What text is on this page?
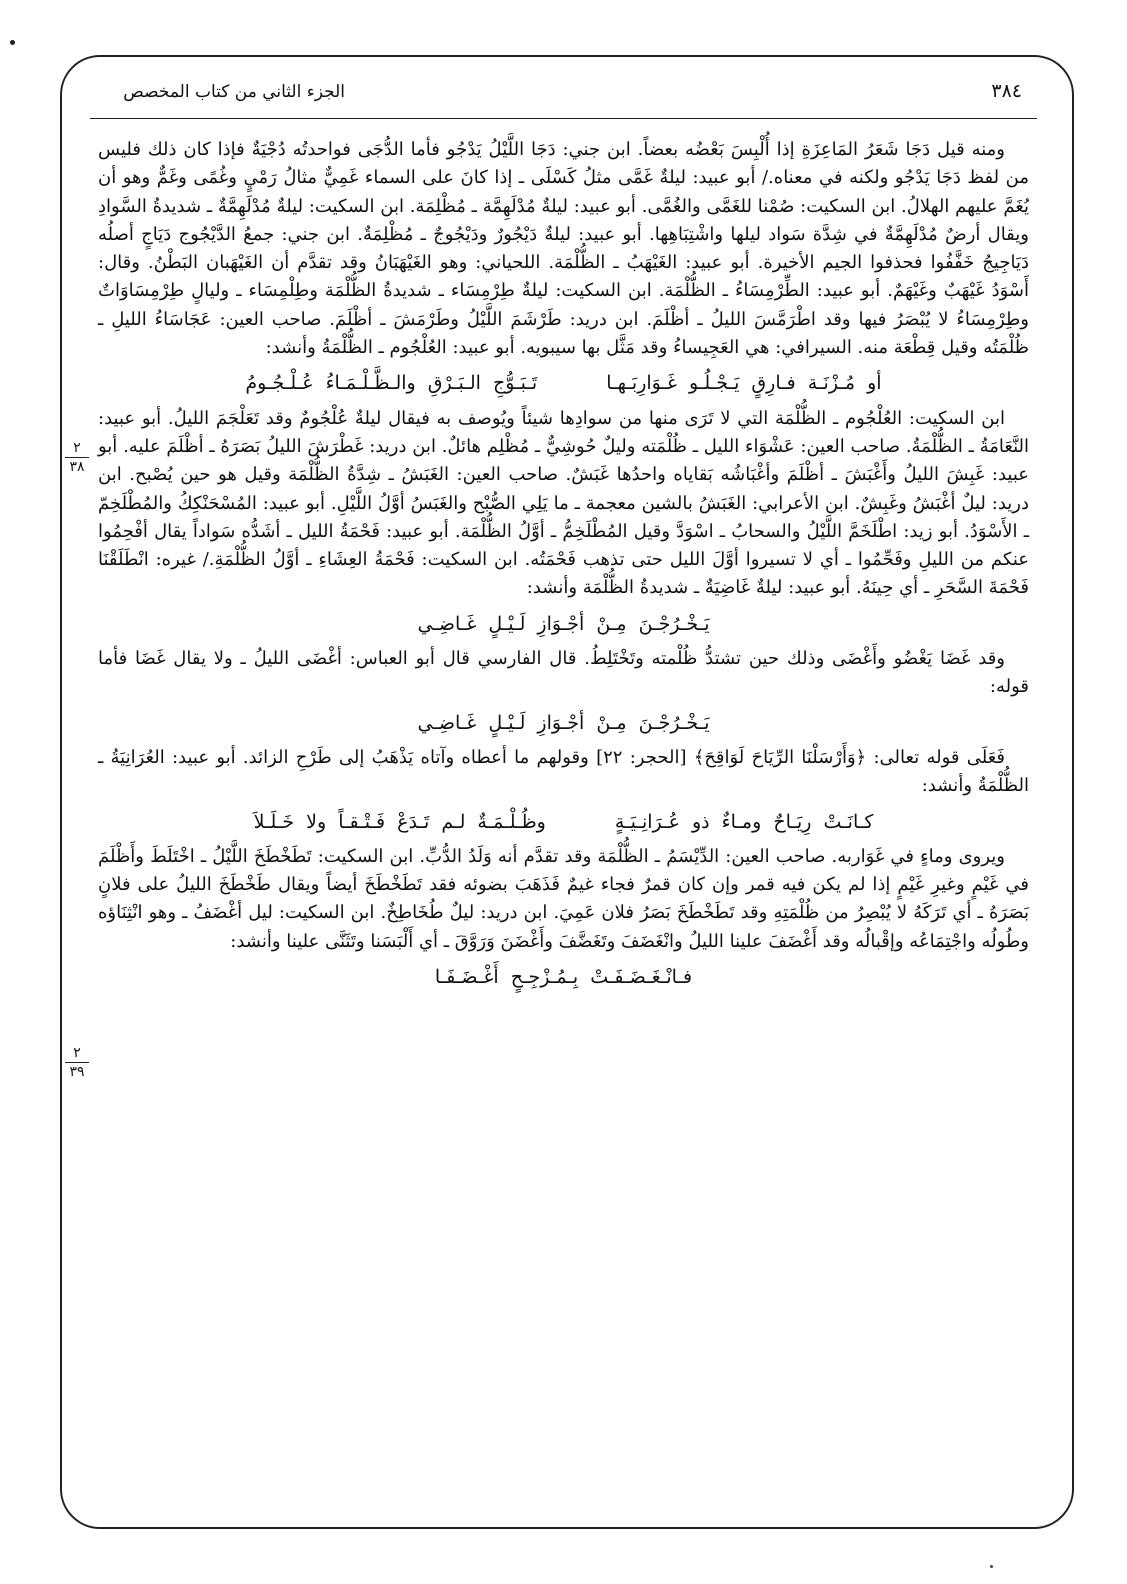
الجزء الثاني من كتاب المخصص	٣٨٤
٢
٣٨
٢
٣٩

ومنه قيل دَجَا شَعَرُ المَاعِزَةِ إذا أُلْبِسَ بَعْضُه بعضاً. ابن جني: دَجَا اللَّيْلُ يَدْجُو فأما الدُّجَى فواحدتُه دُجْيَةٌ فإذا كان ذلك فليس من لفظ دَجَا يَدْجُو ولكنه في معناه./ أبو عبيد: ليلةٌ غَمَّى مثلُ كَسْلَى ـ إذا كانَ على السماء غَمِيٌّ مثالُ رَمْيٍ وغُمًى وغَمٌّ وهو أن يُغَمَّ عليهم الهلالُ. ابن السكيت: صُمْنا للغَمَّى والغُمَّى. أبو عبيد: ليلةٌ مُدْلَهِمَّة ـ مُظْلِمَة. ابن السكيت: ليلةٌ مُدْلَهِمَّةٌ ـ شديدةُ السَّوادِ ويقال أرضٌ مُدْلَهِمَّةٌ في شِدَّة سَواد ليلها واشْتِبَاهِها. أبو عبيد: ليلةٌ دَيْجُورٌ ودَيْجُوجٌ ـ مُظْلِمَةٌ. ابن جني: جمعُ الدَّيْجُوج دَيَاجٍ أصلُه دَيَاجِيجُ خَفَّفُوا فحذفوا الجيم الأخيرة. أبو عبيد: الغَيْهَبُ ـ الظُّلْمَة. اللحياني: وهو الغَيْهَبَانُ وقد تقدَّم أن الغَيْهَبان البَطْنُ. وقال: أَسْوَدُ غَيْهَبٌ وغَيْهَمٌ. أبو عبيد: الطِّرْمِسَاءُ ـ الظُّلْمَة. ابن السكيت: ليلةٌ طِرْمِسَاء ـ شديدةُ الظُّلْمَة وطِلْمِسَاء ـ وليالٍ طِرْمِسَاوَاتٌ وطِرْمِسَاءُ لا يُبْصَرُ فيها وقد اطْرَمَّسَ الليلُ ـ أظْلَمَ. ابن دريد: طَرْشَمَ اللَّيْلُ وطَرْمَشَ ـ أظْلَمَ. صاحب العين: عَجَاسَاءُ الليلِ ـ ظُلْمَتُه وقيل قِطْعَة منه. السيرافي: هي العَجِيساءُ وقد مَثَّل بها سيبويه. أبو عبيد: العُلْجُوم ـ الظُّلْمَةُ وأنشد:

أو مُـزْنَـة فـارِقٍ يَـجْـلُـو غَـوَارِبَـهـا تَـبَـوُّجِ الـبَـرْقِ والـظَّـلْـمَـاءُ عُـلْـجُـومُ

ابن السكيت: العُلْجُوم ـ الظُّلْمَة التي لا تَرَى منها من سوادِها شيئاً ويُوصف به فيقال ليلةٌ عُلْجُومٌ وقد تَعَلْجَمَ الليلُ. أبو عبيد: النَّعَامَةُ ـ الظُّلْمَةُ. صاحب العين: عَشْوَاء الليل ـ ظُلْمَته وليلٌ حُوشِيٌّ ـ مُظْلِم هائلٌ. ابن دريد: غَطْرَشَ الليلُ بَصَرَهُ ـ أظْلَمَ عليه. أبو عبيد: غَبِشَ الليلُ وأَغْبَشَ ـ أظْلَمَ وأغْبَاشُه بَقاياه واحدُها غَبَشٌ. صاحب العين: الغَبَشُ ـ شِدَّةُ الظُّلْمَة وقيل هو حين يُصْبح. ابن دريد: ليلٌ أغْبَشُ وغَبِشٌ. ابن الأعرابي: الغَبَشُ بالشين معجمة ـ ما يَلِي الصُّبْح والغَبَسُ أوَّلُ اللَّيْلِ. أبو عبيد: المُسْحَنْكِكُ والمُطْلَخِمّ ـ الأَسْوَدُ. أبو زيد: اطْلَخَمَّ اللَّيْلُ والسحابُ ـ اسْوَدَّ وقيل المُطْلَخِمُّ ـ أوَّلُ الظُّلْمَة. أبو عبيد: فَحْمَةُ الليل ـ أشَدُّه سَواداً يقال أفْحِمُوا عنكم من الليلِ وفَحِّمُوا ـ أي لا تسيروا أوَّلَ الليل حتى تذهب فَحْمَتُه. ابن السكيت: فَحْمَةُ العِشَاءِ ـ أوَّلُ الظُّلْمَةِ./ غيره: انْطَلَقْنَا فَحْمَةَ السَّحَرِ ـ أي حِينَهُ. أبو عبيد: ليلةٌ غَاضِيَةٌ ـ شديدةُ الظُّلْمَة وأنشد:

يَـخْـرُجْـنَ مِـنْ أجْـوَازِ لَـيْـلٍ غَـاضِـي

وقد غَضَا يَغْضُو وأَغْضَى وذلك حين تشتدُّ ظُلْمته وتَخْتَلِطُ. قال الفارسي قال أبو العباس: أغْضَى الليلُ ـ ولا يقال غَضَا فأما قوله:

يَـخْـرُجْـنَ مِـنْ أجْـوَازِ لَـيْـلٍ غَـاضِـي

فَعَلَى قوله تعالى: ﴿وَأَرْسَلْنَا الرِّيَاحَ لَوَاقِحَ﴾ [الحجر: ٢٢] وقولهم ما أعطاه وآتاه يَذْهَبُ إلى طَرْحِ الزائد. أبو عبيد: العُرَانِيَةُ ـ الظُّلْمَةُ وأنشد:

كـانَـتْ رِيَـاحٌ ومـاءٌ ذو عُـرَانِـيَـةٍ وظُـلْـمَـةٌ لـم تَـدَعْ فَـتْـقـاً ولا خَـلَـلاَ

ويروى وماءٍ في غَوَاربه. صاحب العين: الدِّيْسَمُ ـ الظُّلْمَة وقد تقدَّم أنه وَلَدُ الدُّبِّ. ابن السكيت: تَطَخْطَخَ اللَّيْلُ ـ اخْتَلَطَ وأَظْلَمَ في غَيْمٍ وغيرِ غَيْمٍ إذا لم يكن فيه قمر وإن كان قمرٌ فجاء غيمٌ فَذَهَبَ بضوئه فقد تَطَخْطَخَ أيضاً ويقال طَخْطَخَ الليلُ على فلانٍ بَصَرَهُ ـ أي تَرَكَهُ لا يُبْصِرُ من ظُلْمَتِهِ وقد تَطَخْطَخَ بَصَرُ فلان عَمِيَ. ابن دريد: ليلٌ طُخَاطِخٌ. ابن السكيت: ليل أغْضَفُ ـ وهو انْثِنَاؤه وطُولُه واجْتِمَاعُه وإقْبالُه وقد أَغْضَفَ علينا الليلُ وانْغَضَفَ وتَغَضَّفَ وأَغْضَنَ وَرَوَّقَ ـ أي أَلْبَسَنا وتَثَنَّى علينا وأنشد:

فـانْـغَـضَـفَـتْ بِـمُـزْجِـحٍ أَغْـضَـفَـا
